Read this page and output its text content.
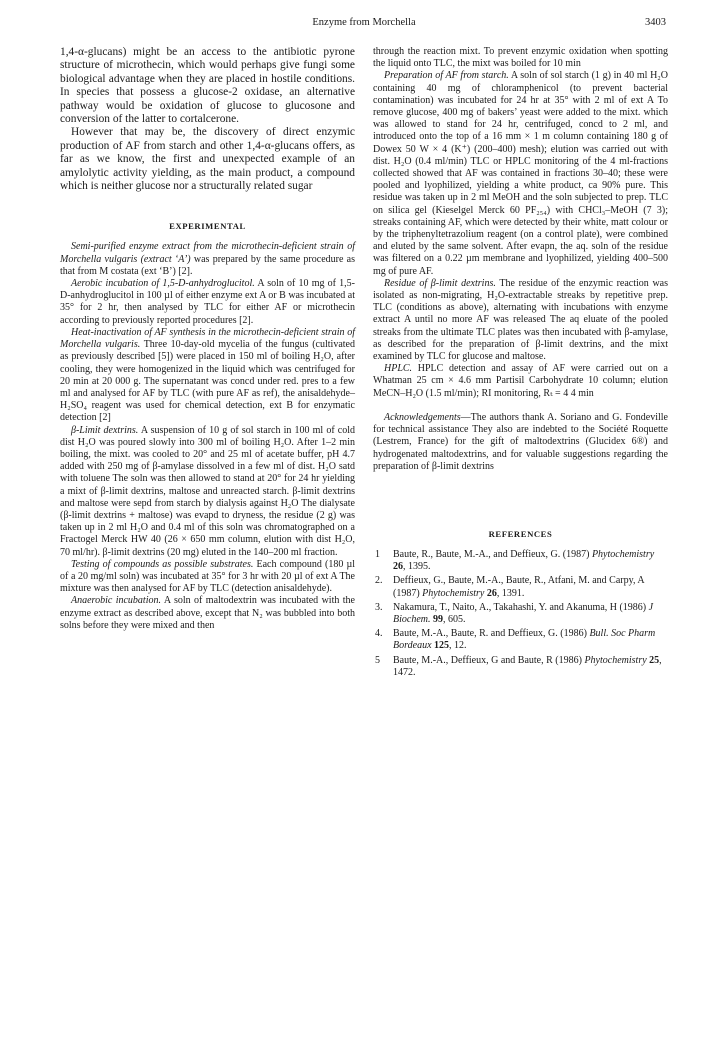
Enzyme from Morchella	3403

1,4-α-glucans) might be an access to the antibiotic pyrone structure of microthecin, which would perhaps give fungi some biological advantage when they are placed in hostile conditions. In species that possess a glucose-2 oxidase, an alternative pathway would be oxidation of glucose to glucosone and conversion of the latter to cortalcerone.

However that may be, the discovery of direct enzymic production of AF from starch and other 1,4-α-glucans offers, as far as we know, the first and unexpected example of an amylolytic activity yielding, as the main product, a compound which is neither glucose nor a structurally related sugar

EXPERIMENTAL

Semi-purified enzyme extract from the microthecin-deficient strain of Morchella vulgaris (extract ‘A’) was prepared by the same procedure as that from M costata (ext ‘B’) [2].

Aerobic incubation of 1,5-D-anhydroglucitol. A soln of 10 mg of 1,5-D-anhydroglucitol in 100 µl of either enzyme ext A or B was incubated at 35° for 2 hr, then analysed by TLC for either AF or microthecin according to previously reported procedures [2].

Heat-inactivation of AF synthesis in the microthecin-deficient strain of Morchella vulgaris. Three 10-day-old mycelia of the fungus (cultivated as previously described [5]) were placed in 150 ml of boiling H₂O, after cooling, they were homogenized in the liquid which was centrifuged for 20 min at 20 000 g. The supernatant was concd under red. pres to a few ml and analysed for AF by TLC (with pure AF as ref), the anisaldehyde–H₂SO₄ reagent was used for chemical detection, ext B for enzymatic detection [2]

β-Limit dextrins. A suspension of 10 g of sol starch in 100 ml of cold dist H₂O was poured slowly into 300 ml of boiling H₂O. After 1–2 min boiling, the mixt. was cooled to 20° and 25 ml of acetate buffer, pH 4.7 added with 250 mg of β-amylase dissolved in a few ml of dist. H₂O satd with toluene The soln was then allowed to stand at 20° for 24 hr yielding a mixt of β-limit dextrins, maltose and unreacted starch. β-limit dextrins and maltose were sepd from starch by dialysis against H₂O The dialysate (β-limit dextrins + maltose) was evapd to dryness, the residue (2 g) was taken up in 2 ml H₂O and 0.4 ml of this soln was chromatographed on a Fractogel Merck HW 40 (26 × 650 mm column, elution with dist H₂O, 70 ml/hr). β-limit dextrins (20 mg) eluted in the 140–200 ml fraction.

Testing of compounds as possible substrates. Each compound (180 µl of a 20 mg/ml soln) was incubated at 35° for 3 hr with 20 µl of ext A The mixture was then analysed for AF by TLC (detection anisaldehyde).

Anaerobic incubation. A soln of maltodextrin was incubated with the enzyme extract as described above, except that N₂ was bubbled into both solns before they were mixed and then

through the reaction mixt. To prevent enzymic oxidation when spotting the liquid onto TLC, the mixt was boiled for 10 min

Preparation of AF from starch. A soln of sol starch (1 g) in 40 ml H₂O containing 40 mg of chloramphenicol (to prevent bacterial contamination) was incubated for 24 hr at 35° with 2 ml of ext A To remove glucose, 400 mg of bakers’ yeast were added to the mixt. which was allowed to stand for 24 hr, centrifuged, concd to 2 ml, and introduced onto the top of a 16 mm × 1 m column containing 180 g of Dowex 50 W × 4 (K⁺) (200–400) mesh); elution was carried out with dist. H₂O (0.4 ml/min) TLC or HPLC monitoring of the 4 ml-fractions collected showed that AF was contained in fractions 30–40; these were pooled and lyophilized, yielding a white product, ca 90% pure. This residue was taken up in 2 ml MeOH and the soln subjected to prep. TLC on silica gel (Kieselgel Merck 60 PF₂₅₄) with CHCl₃–MeOH (7 3); streaks containing AF, which were detected by their white, matt colour or by the triphenyltetrazolium reagent (on a control plate), were combined and eluted by the same solvent. After evapn, the aq. soln of the residue was filtered on a 0.22 µm membrane and lyophilized, yielding 400–500 mg of pure AF.

Residue of β-limit dextrins. The residue of the enzymic reaction was isolated as non-migrating, H₂O-extractable streaks by repetitive prep. TLC (conditions as above), alternating with incubations with enzyme extract A until no more AF was released The aq eluate of the pooled streaks from the ultimate TLC plates was then incubated with β-amylase, as described for the preparation of β-limit dextrins, and the mixt examined by TLC for glucose and maltose.

HPLC. HPLC detection and assay of AF were carried out on a Whatman 25 cm × 4.6 mm Partisil Carbohydrate 10 column; elution MeCN–H₂O (1.5 ml/min); RI monitoring, Rₜ = 4 4 min

Acknowledgements—The authors thank A. Soriano and G. Fondeville for technical assistance They also are indebted to the Société Roquette (Lestrem, France) for the gift of maltodextrins (Glucidex 6®) and hydrogenated maltodextrins, and for valuable suggestions regarding the preparation of β-limit dextrins

REFERENCES
1 Baute, R., Baute, M.-A., and Deffieux, G. (1987) Phytochemistry 26, 1395.
2. Deffieux, G., Baute, M.-A., Baute, R., Atfani, M. and Carpy, A (1987) Phytochemistry 26, 1391.
3. Nakamura, T., Naito, A., Takahashi, Y. and Akanuma, H (1986) J Biochem. 99, 605.
4. Baute, M.-A., Baute, R. and Deffieux, G. (1986) Bull. Soc Pharm Bordeaux 125, 12.
5 Baute, M.-A., Deffieux, G and Baute, R (1986) Phytochemistry 25, 1472.
